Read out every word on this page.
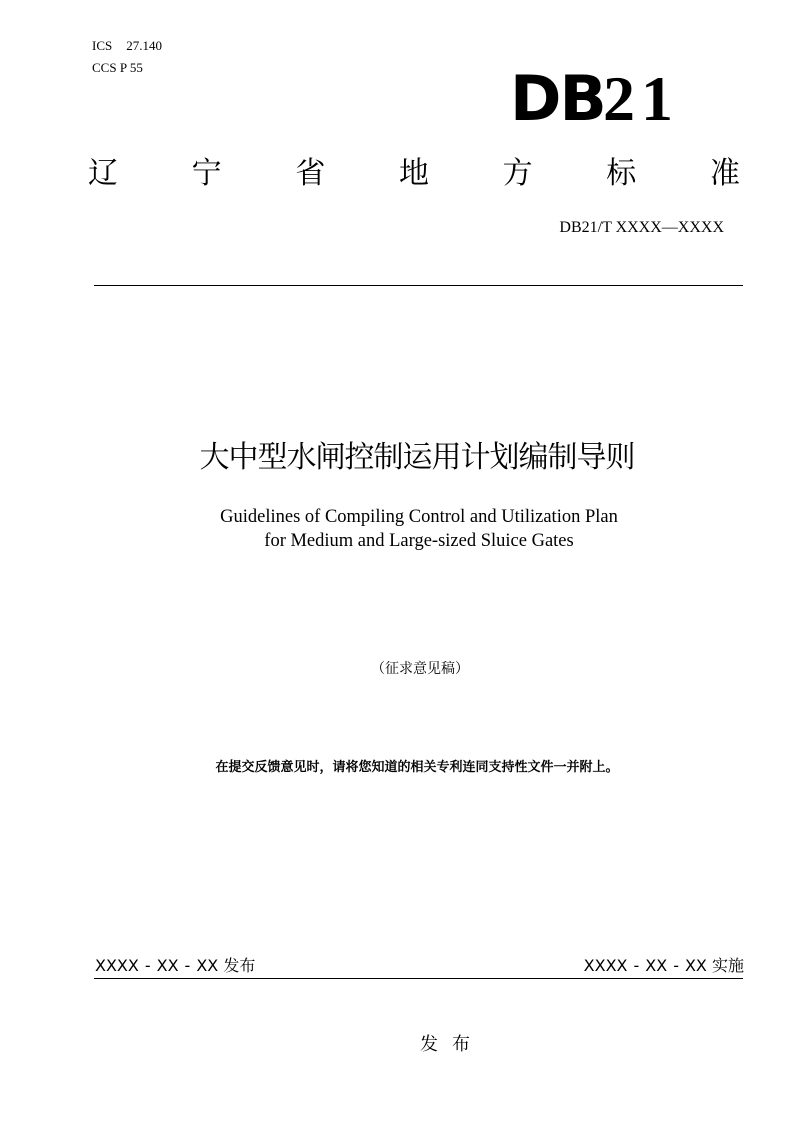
ICS 27.140
CCS P 55	DB
21
辽 宁 省 地 方 标 准
DB21/T XXXX—XXXX
大中型水闸控制运用计划编制导则
Guidelines of Compiling Control and Utilization Plan
for Medium and Large-sized Sluice Gates
（征求意见稿）
在提交反馈意见时，请将您知道的相关专利连同支持性文件一并附上。
XXXX - XX - XX 发布	XXXX - XX - XX 实施
发布
